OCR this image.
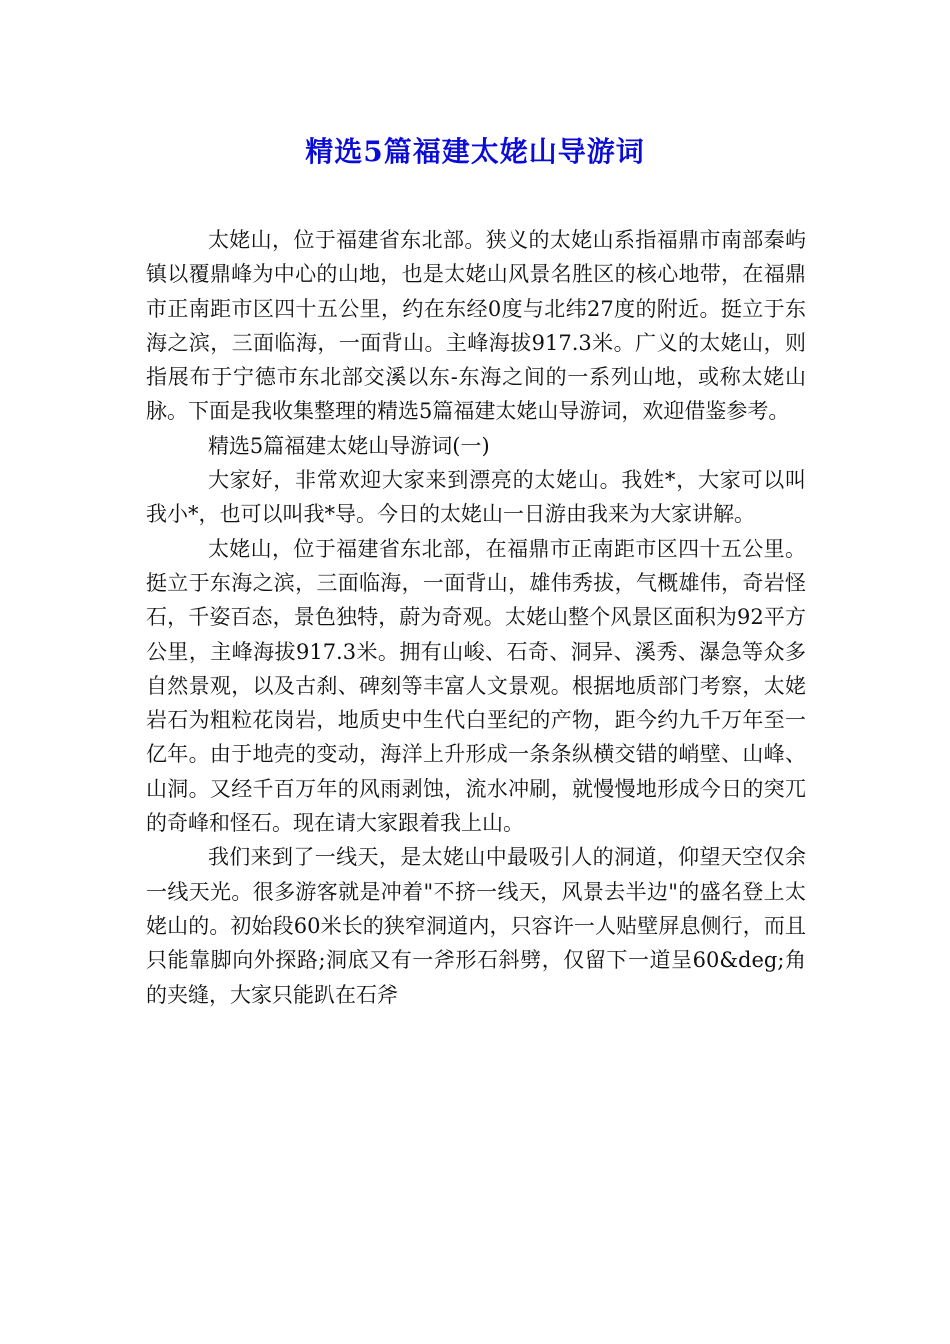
精选5篇福建太姥山导游词

太姥山，位于福建省东北部。狭义的太姥山系指福鼎市南部秦屿镇以覆鼎峰为中心的山地，也是太姥山风景名胜区的核心地带，在福鼎市正南距市区四十五公里，约在东经0度与北纬27度的附近。挺立于东海之滨，三面临海，一面背山。主峰海拔917.3米。广义的太姥山，则指展布于宁德市东北部交溪以东-东海之间的一系列山地，或称太姥山脉。下面是我收集整理的精选5篇福建太姥山导游词，欢迎借鉴参考。

精选5篇福建太姥山导游词(一)

大家好，非常欢迎大家来到漂亮的太姥山。我姓*，大家可以叫我小*，也可以叫我*导。今日的太姥山一日游由我来为大家讲解。

太姥山，位于福建省东北部，在福鼎市正南距市区四十五公里。挺立于东海之滨，三面临海，一面背山，雄伟秀拔，气概雄伟，奇岩怪石，千姿百态，景色独特，蔚为奇观。太姥山整个风景区面积为92平方公里，主峰海拔917.3米。拥有山峻、石奇、洞异、溪秀、瀑急等众多自然景观，以及古刹、碑刻等丰富人文景观。根据地质部门考察，太姥岩石为粗粒花岗岩，地质史中生代白垩纪的产物，距今约九千万年至一亿年。由于地壳的变动，海洋上升形成一条条纵横交错的峭壁、山峰、山洞。又经千百万年的风雨剥蚀，流水冲刷，就慢慢地形成今日的突兀的奇峰和怪石。现在请大家跟着我上山。

我们来到了一线天，是太姥山中最吸引人的洞道，仰望天空仅余一线天光。很多游客就是冲着"不挤一线天，风景去半边"的盛名登上太姥山的。初始段60米长的狭窄洞道内，只容许一人贴壁屏息侧行，而且只能靠脚向外探路;洞底又有一斧形石斜劈，仅留下一道呈60&deg;角的夹缝，大家只能趴在石斧
